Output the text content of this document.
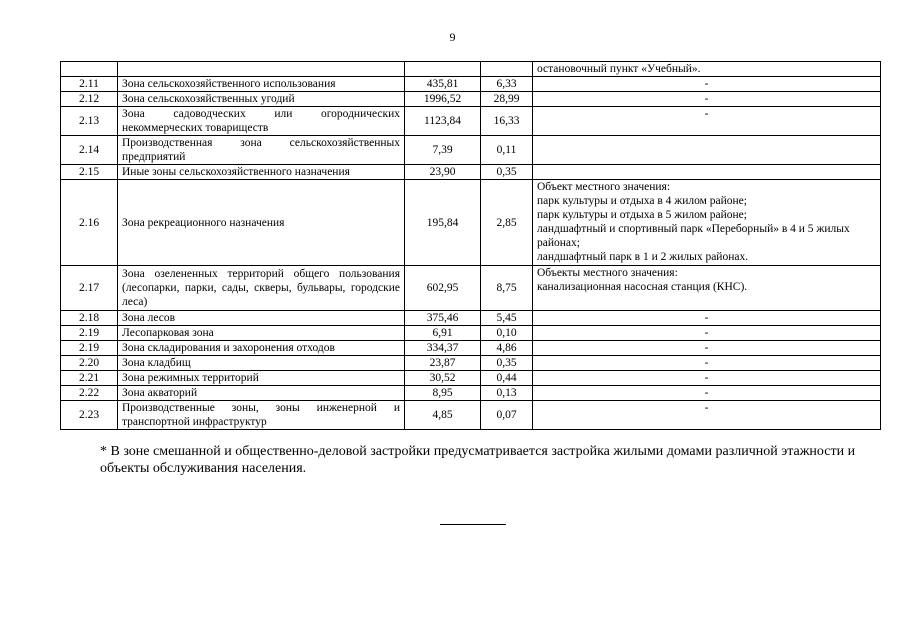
9

				остановочный пункт «Учебный».

2.11	Зона сельскохозяйственного использования	435,81	6,33	-

2.12	Зона сельскохозяйственных угодий	1996,52	28,99	-

2.13	Зона садоводческих или огороднических некоммерческих товариществ	1123,84	16,33	-

2.14	Производственная зона сельскохозяйственных предприятий	7,39	0,11	
2.15	Иные зоны сельскохозяйственного назначения	23,90	0,35	
2.16	Зона рекреационного назначения	195,84	2,85	Объект местного значения:
парк культуры и отдыха в 4 жилом районе;
парк культуры и отдыха в 5 жилом районе;
ландшафтный и спортивный парк «Переборный» в 4 и 5 жилых районах;
ландшафтный парк в 1 и 2 жилых районах.

2.17	Зона озелененных территорий общего пользования (лесопарки, парки, сады, скверы, бульвары, городские леса)	602,95	8,75	Объекты местного значения:
канализационная насосная станция (КНС).

2.18	Зона лесов	375,46	5,45	-

2.19	Лесопарковая зона	6,91	0,10	-

2.19	Зона складирования и захоронения отходов	334,37	4,86	-

2.20	Зона кладбищ	23,87	0,35	-

2.21	Зона режимных территорий	30,52	0,44	-

2.22	Зона акваторий	8,95	0,13	-

2.23	Производственные зоны, зоны инженерной и транспортной инфраструктур	4,85	0,07	-
* В зоне смешанной и общественно-деловой застройки предусматривается застройка жилыми домами различной этажности и объекты обслуживания населения.
